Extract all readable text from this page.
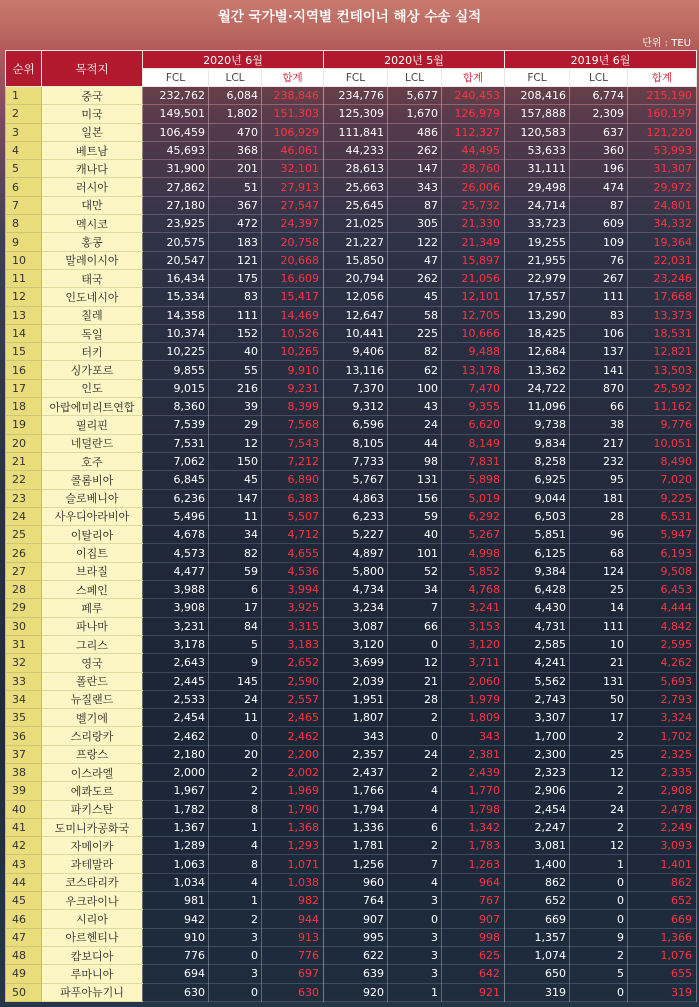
월간 국가별·지역별 컨테이너 해상 수송 실적
단위 : TEU
순위	목적지	2020년 6월			2020년 5월			2019년 6월		
		FCL	LCL	합계	FCL	LCL	합계	FCL	LCL	합계
1	중국	232,762	6,084	238,846	234,776	5,677	240,453	208,416	6,774	215,190
2	미국	149,501	1,802	151,303	125,309	1,670	126,979	157,888	2,309	160,197
3	일본	106,459	470	106,929	111,841	486	112,327	120,583	637	121,220
4	베트남	45,693	368	46,061	44,233	262	44,495	53,633	360	53,993
5	캐나다	31,900	201	32,101	28,613	147	28,760	31,111	196	31,307
6	러시아	27,862	51	27,913	25,663	343	26,006	29,498	474	29,972
7	대만	27,180	367	27,547	25,645	87	25,732	24,714	87	24,801
8	멕시코	23,925	472	24,397	21,025	305	21,330	33,723	609	34,332
9	홍콩	20,575	183	20,758	21,227	122	21,349	19,255	109	19,364
10	말레이시아	20,547	121	20,668	15,850	47	15,897	21,955	76	22,031
11	태국	16,434	175	16,609	20,794	262	21,056	22,979	267	23,246
12	인도네시아	15,334	83	15,417	12,056	45	12,101	17,557	111	17,668
13	칠레	14,358	111	14,469	12,647	58	12,705	13,290	83	13,373
14	독일	10,374	152	10,526	10,441	225	10,666	18,425	106	18,531
15	터키	10,225	40	10,265	9,406	82	9,488	12,684	137	12,821
16	싱가포르	9,855	55	9,910	13,116	62	13,178	13,362	141	13,503
17	인도	9,015	216	9,231	7,370	100	7,470	24,722	870	25,592
18	아랍에미리트연합	8,360	39	8,399	9,312	43	9,355	11,096	66	11,162
19	필리핀	7,539	29	7,568	6,596	24	6,620	9,738	38	9,776
20	네덜란드	7,531	12	7,543	8,105	44	8,149	9,834	217	10,051
21	호주	7,062	150	7,212	7,733	98	7,831	8,258	232	8,490
22	콜롬비아	6,845	45	6,890	5,767	131	5,898	6,925	95	7,020
23	슬로베니아	6,236	147	6,383	4,863	156	5,019	9,044	181	9,225
24	사우디아라비아	5,496	11	5,507	6,233	59	6,292	6,503	28	6,531
25	이탈리아	4,678	34	4,712	5,227	40	5,267	5,851	96	5,947
26	이집트	4,573	82	4,655	4,897	101	4,998	6,125	68	6,193
27	브라질	4,477	59	4,536	5,800	52	5,852	9,384	124	9,508
28	스페인	3,988	6	3,994	4,734	34	4,768	6,428	25	6,453
29	페루	3,908	17	3,925	3,234	7	3,241	4,430	14	4,444
30	파나마	3,231	84	3,315	3,087	66	3,153	4,731	111	4,842
31	그리스	3,178	5	3,183	3,120	0	3,120	2,585	10	2,595
32	영국	2,643	9	2,652	3,699	12	3,711	4,241	21	4,262
33	폴란드	2,445	145	2,590	2,039	21	2,060	5,562	131	5,693
34	뉴질랜드	2,533	24	2,557	1,951	28	1,979	2,743	50	2,793
35	벨기에	2,454	11	2,465	1,807	2	1,809	3,307	17	3,324
36	스리랑카	2,462	0	2,462	343	0	343	1,700	2	1,702
37	프랑스	2,180	20	2,200	2,357	24	2,381	2,300	25	2,325
38	이스라엘	2,000	2	2,002	2,437	2	2,439	2,323	12	2,335
39	에콰도르	1,967	2	1,969	1,766	4	1,770	2,906	2	2,908
40	파키스탄	1,782	8	1,790	1,794	4	1,798	2,454	24	2,478
41	도미니카공화국	1,367	1	1,368	1,336	6	1,342	2,247	2	2,249
42	자메이카	1,289	4	1,293	1,781	2	1,783	3,081	12	3,093
43	과테말라	1,063	8	1,071	1,256	7	1,263	1,400	1	1,401
44	코스타리카	1,034	4	1,038	960	4	964	862	0	862
45	우크라이나	981	1	982	764	3	767	652	0	652
46	시리아	942	2	944	907	0	907	669	0	669
47	아르헨티나	910	3	913	995	3	998	1,357	9	1,366
48	캄보디아	776	0	776	622	3	625	1,074	2	1,076
49	루마니아	694	3	697	639	3	642	650	5	655
50	파푸아뉴기니	630	0	630	920	1	921	319	0	319
